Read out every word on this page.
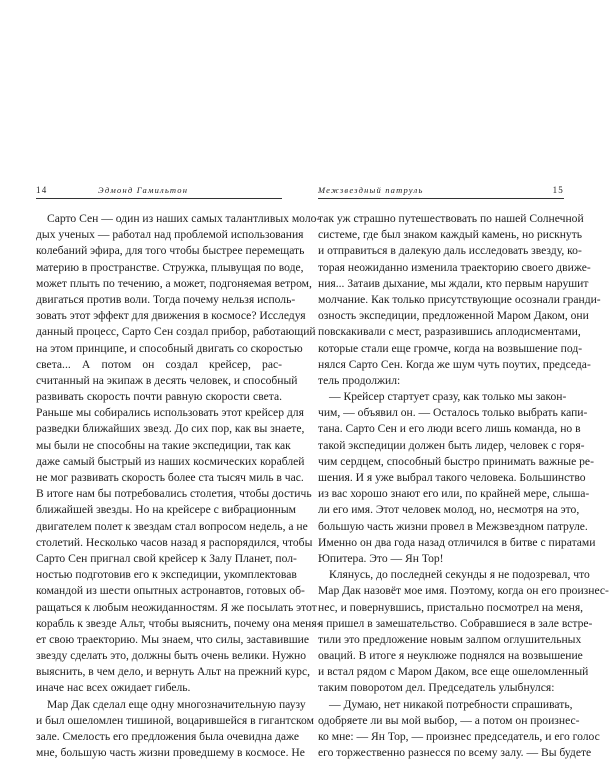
14	Эдмонд Гамильтон
Сарто Сен — один из наших самых талантливых моло-
дых ученых — работал над проблемой использования
колебаний эфира, для того чтобы быстрее перемещать
материю в пространстве. Стружка, плывущая по воде,
может плыть по течению, а может, подгоняемая ветром,
двигаться против воли. Тогда почему нельзя исполь-
зовать этот эффект для движения в космосе? Исследуя
данный процесс, Сарто Сен создал прибор, работающий
на этом принципе, и способный двигать со скоростью
света... А потом он создал крейсер, рас-
считанный на экипаж в десять человек, и способный
развивать скорость почти равную скорости света.
Раньше мы собирались использовать этот крейсер для
разведки ближайших звезд. До сих пор, как вы знаете,
мы были не способны на такие экспедиции, так как
даже самый быстрый из наших космических кораблей
не мог развивать скорость более ста тысяч миль в час.
В итоге нам бы потребовались столетия, чтобы достичь
ближайшей звезды. Но на крейсере с вибрационным
двигателем полет к звездам стал вопросом недель, а не
столетий. Несколько часов назад я распорядился, чтобы
Сарто Сен пригнал свой крейсер к Залу Планет, пол-
ностью подготовив его к экспедиции, укомплектовав
командой из шести опытных астронавтов, готовых об-
ращаться к любым неожиданностям. Я же посылать этот
корабль к звезде Альт, чтобы выяснить, почему она меня-
ет свою траекторию. Мы знаем, что силы, заставившие
звезду сделать это, должны быть очень велики. Нужно
выяснить, в чем дело, и вернуть Альт на прежний курс,
иначе нас всех ожидает гибель.
Мар Дак сделал еще одну многозначительную паузу
и был ошеломлен тишиной, воцарившейся в гигантском
зале. Смелость его предложения была очевидна даже
мне, большую часть жизни проведшему в космосе. Не
Межзвездный патруль	15
так уж страшно путешествовать по нашей Солнечной
системе, где был знаком каждый камень, но рискнуть
и отправиться в далекую даль исследовать звезду, ко-
торая неожиданно изменила траекторию своего движе-
ния... Затаив дыхание, мы ждали, кто первым нарушит
молчание. Как только присутствующие осознали гранди-
озность экспедиции, предложенной Маром Даком, они
повскакивали с мест, разразившись аплодисментами,
которые стали еще громче, когда на возвышение под-
нялся Сарто Сен. Когда же шум чуть поутих, председа-
тель продолжил:
— Крейсер стартует сразу, как только мы закон-
чим, — объявил он. — Осталось только выбрать капи-
тана. Сарто Сен и его люди всего лишь команда, но в
такой экспедиции должен быть лидер, человек с горя-
чим сердцем, способный быстро принимать важные ре-
шения. И я уже выбрал такого человека. Большинство
из вас хорошо знают его или, по крайней мере, слыша-
ли его имя. Этот человек молод, но, несмотря на это,
большую часть жизни провел в Межзвездном патруле.
Именно он два года назад отличился в битве с пиратами
Юпитера. Это — Ян Тор!
Клянусь, до последней секунды я не подозревал, что
Мар Дак назовёт мое имя. Поэтому, когда он его произнес-
нес, и повернувшись, пристально посмотрел на меня,
я пришел в замешательство. Собравшиеся в зале встре-
тили это предложение новым залпом оглушительных
оваций. В итоге я неуклюже поднялся на возвышение
и встал рядом с Маром Даком, все еще ошеломленный
таким поворотом дел. Председатель улыбнулся:
— Думаю, нет никакой потребности спрашивать,
одобряете ли вы мой выбор, — а потом он произнес-
ко мне: — Ян Тор, — произнес председатель, и его голос
его торжественно разнесся по всему залу. — Вы будете
